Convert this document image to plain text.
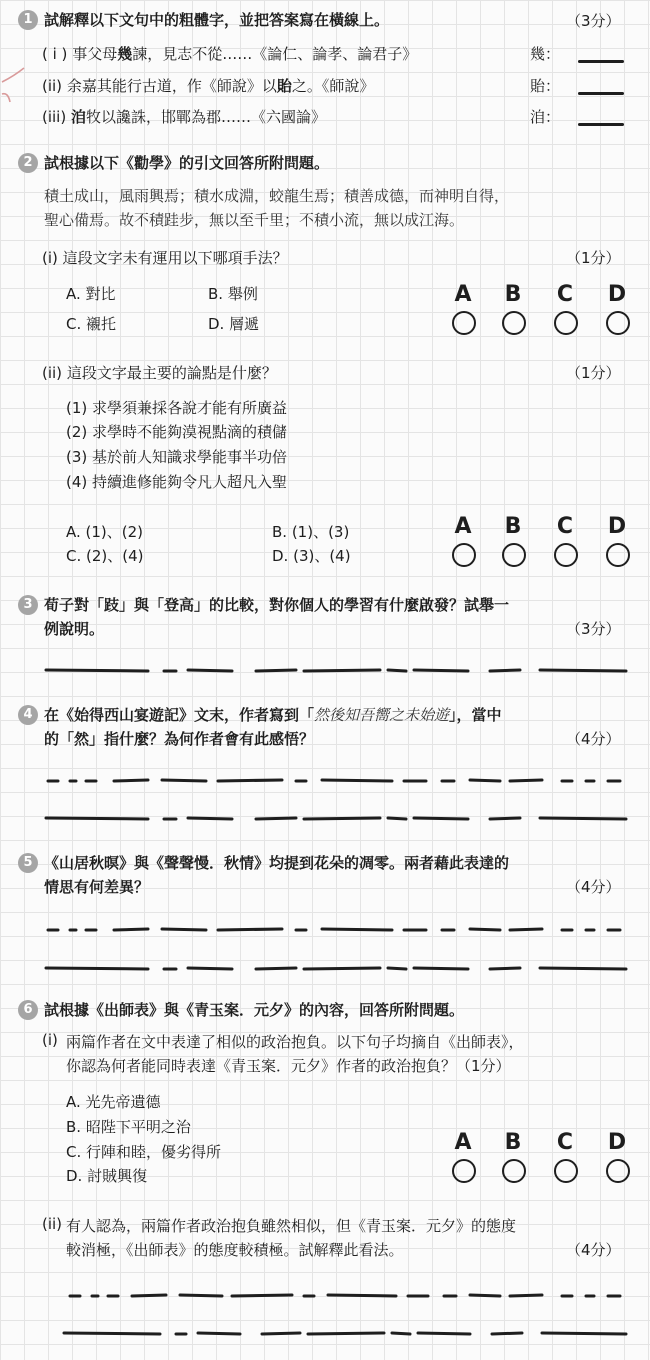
1 試解釋以下文句中的粗體字，並把答案寫在橫線上。	（3分）
( i ) 事父母幾諫，見志不從……《論仁、論孝、論君子》	幾：
(ii) 余嘉其能行古道，作《師說》以貽之。《師說》	貽：
(iii) 洎牧以讒誅，邯鄲為郡……《六國論》	洎：
2 試根據以下《勸學》的引文回答所附問題。
積土成山，風雨興焉；積水成淵，蛟龍生焉；積善成德，而神明自得，
聖心備焉。故不積跬步，無以至千里；不積小流，無以成江海。
(i) 這段文字未有運用以下哪項手法？	（1分）
A. 對比	B. 舉例
C. 襯托	D. 層遞
A B C D
(ii) 這段文字最主要的論點是什麼？	（1分）
(1) 求學須兼採各說才能有所廣益
(2) 求學時不能夠漠視點滴的積儲
(3) 基於前人知識求學能事半功倍
(4) 持續進修能夠令凡人超凡入聖
A. (1)、(2)	B. (1)、(3)
C. (2)、(4)	D. (3)、(4)
A B C D
3 荀子對「跂」與「登高」的比較，對你個人的學習有什麼啟發？試舉一
例說明。	（3分）
4 在《始得西山宴遊記》文末，作者寫到「然後知吾嚮之未始遊」，當中
的「然」指什麼？為何作者會有此感悟？	（4分）
5 《山居秋暝》與《聲聲慢．秋情》均提到花朵的凋零。兩者藉此表達的
情思有何差異？	（4分）
6 試根據《出師表》與《青玉案．元夕》的內容，回答所附問題。
(i) 兩篇作者在文中表達了相似的政治抱負。以下句子均摘自《出師表》，
你認為何者能同時表達《青玉案．元夕》作者的政治抱負？（1分）
A. 光先帝遺德
B. 昭陛下平明之治
C. 行陣和睦，優劣得所
D. 討賊興復
A B C D
(ii) 有人認為，兩篇作者政治抱負雖然相似，但《青玉案．元夕》的態度
較消極，《出師表》的態度較積極。試解釋此看法。	（4分）
